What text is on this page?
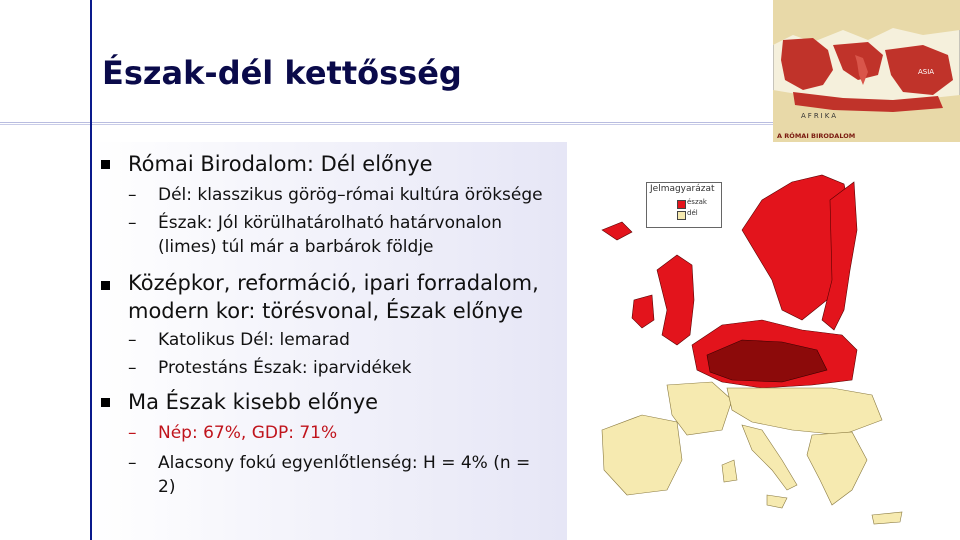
Észak-dél kettősség
Római Birodalom: Dél előnye
– Dél: klasszikus görög–római kultúra öröksége
– Észak: Jól körülhatárolható határvonalon
(limes) túl már a barbárok földje
Középkor, reformáció, ipari forradalom,
modern kor: törésvonal, Észak előnye
– Katolikus Dél: lemarad
– Protestáns Észak: iparvidékek
Ma Észak kisebb előnye
– Nép: 67%, GDP: 71%
– Alacsony fokú egyenlőtlenség: H = 4% (n =
2)
ASIA
AFRIKA
A RÓMAI BIRODALOM
Jelmagyarázat
észak
dél
